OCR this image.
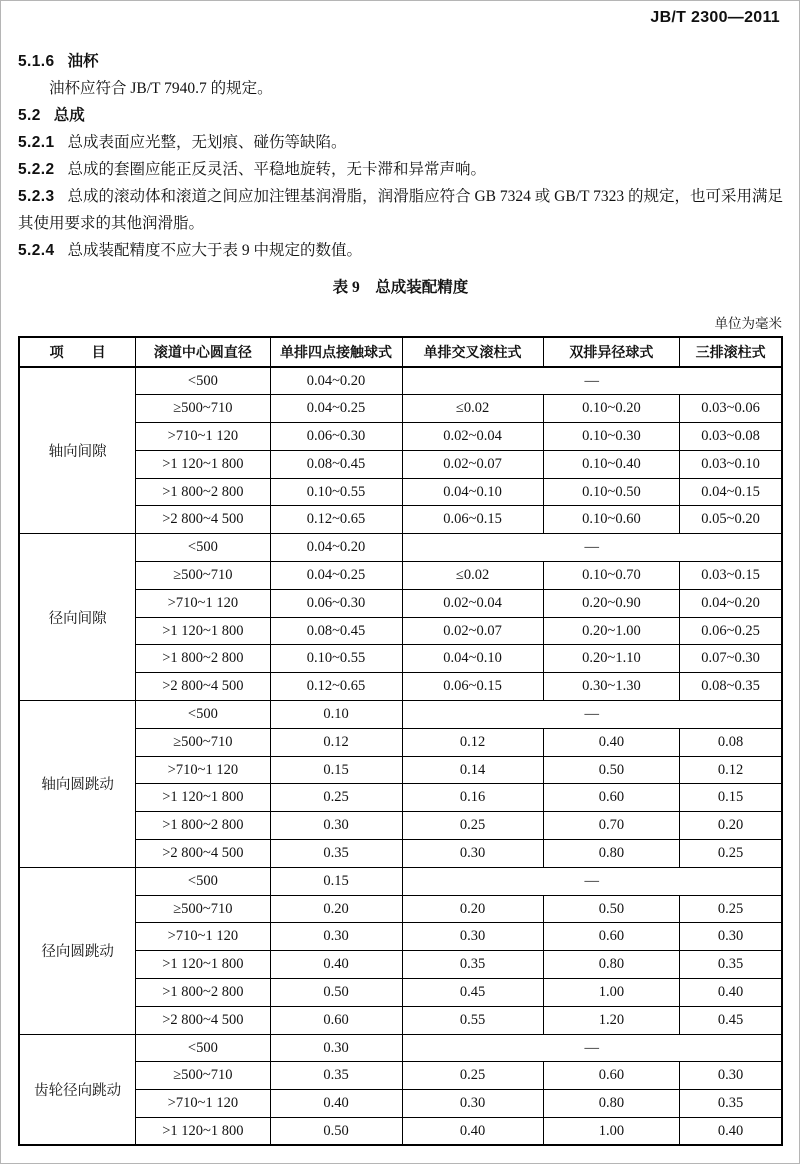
JB/T 2300—2011

5.1.6 油杯

油杯应符合 JB/T 7940.7 的规定。

5.2 总成

5.2.1 总成表面应光整，无划痕、碰伤等缺陷。

5.2.2 总成的套圈应能正反灵活、平稳地旋转，无卡滞和异常声响。

5.2.3 总成的滚动体和滚道之间应加注锂基润滑脂，润滑脂应符合 GB 7324 或 GB/T 7323 的规定，也可采用满足其使用要求的其他润滑脂。

5.2.4 总成装配精度不应大于表 9 中规定的数值。

表 9　总成装配精度
单位为毫米
项　　目	滚道中心圆直径	单排四点接触球式	单排交叉滚柱式	双排异径球式	三排滚柱式
轴向间隙	<500	0.04~0.20	—		
	≥500~710	0.04~0.25	≤0.02	0.10~0.20	0.03~0.06
	>710~1 120	0.06~0.30	0.02~0.04	0.10~0.30	0.03~0.08
	>1 120~1 800	0.08~0.45	0.02~0.07	0.10~0.40	0.03~0.10
	>1 800~2 800	0.10~0.55	0.04~0.10	0.10~0.50	0.04~0.15
	>2 800~4 500	0.12~0.65	0.06~0.15	0.10~0.60	0.05~0.20
径向间隙	<500	0.04~0.20	—		
	≥500~710	0.04~0.25	≤0.02	0.10~0.70	0.03~0.15
	>710~1 120	0.06~0.30	0.02~0.04	0.20~0.90	0.04~0.20
	>1 120~1 800	0.08~0.45	0.02~0.07	0.20~1.00	0.06~0.25
	>1 800~2 800	0.10~0.55	0.04~0.10	0.20~1.10	0.07~0.30
	>2 800~4 500	0.12~0.65	0.06~0.15	0.30~1.30	0.08~0.35
轴向圆跳动	<500	0.10	—		
	≥500~710	0.12	0.12	0.40	0.08
	>710~1 120	0.15	0.14	0.50	0.12
	>1 120~1 800	0.25	0.16	0.60	0.15
	>1 800~2 800	0.30	0.25	0.70	0.20
	>2 800~4 500	0.35	0.30	0.80	0.25
径向圆跳动	<500	0.15	—		
	≥500~710	0.20	0.20	0.50	0.25
	>710~1 120	0.30	0.30	0.60	0.30
	>1 120~1 800	0.40	0.35	0.80	0.35
	>1 800~2 800	0.50	0.45	1.00	0.40
	>2 800~4 500	0.60	0.55	1.20	0.45
齿轮径向跳动	<500	0.30	—		
	≥500~710	0.35	0.25	0.60	0.30
	>710~1 120	0.40	0.30	0.80	0.35
	>1 120~1 800	0.50	0.40	1.00	0.40
